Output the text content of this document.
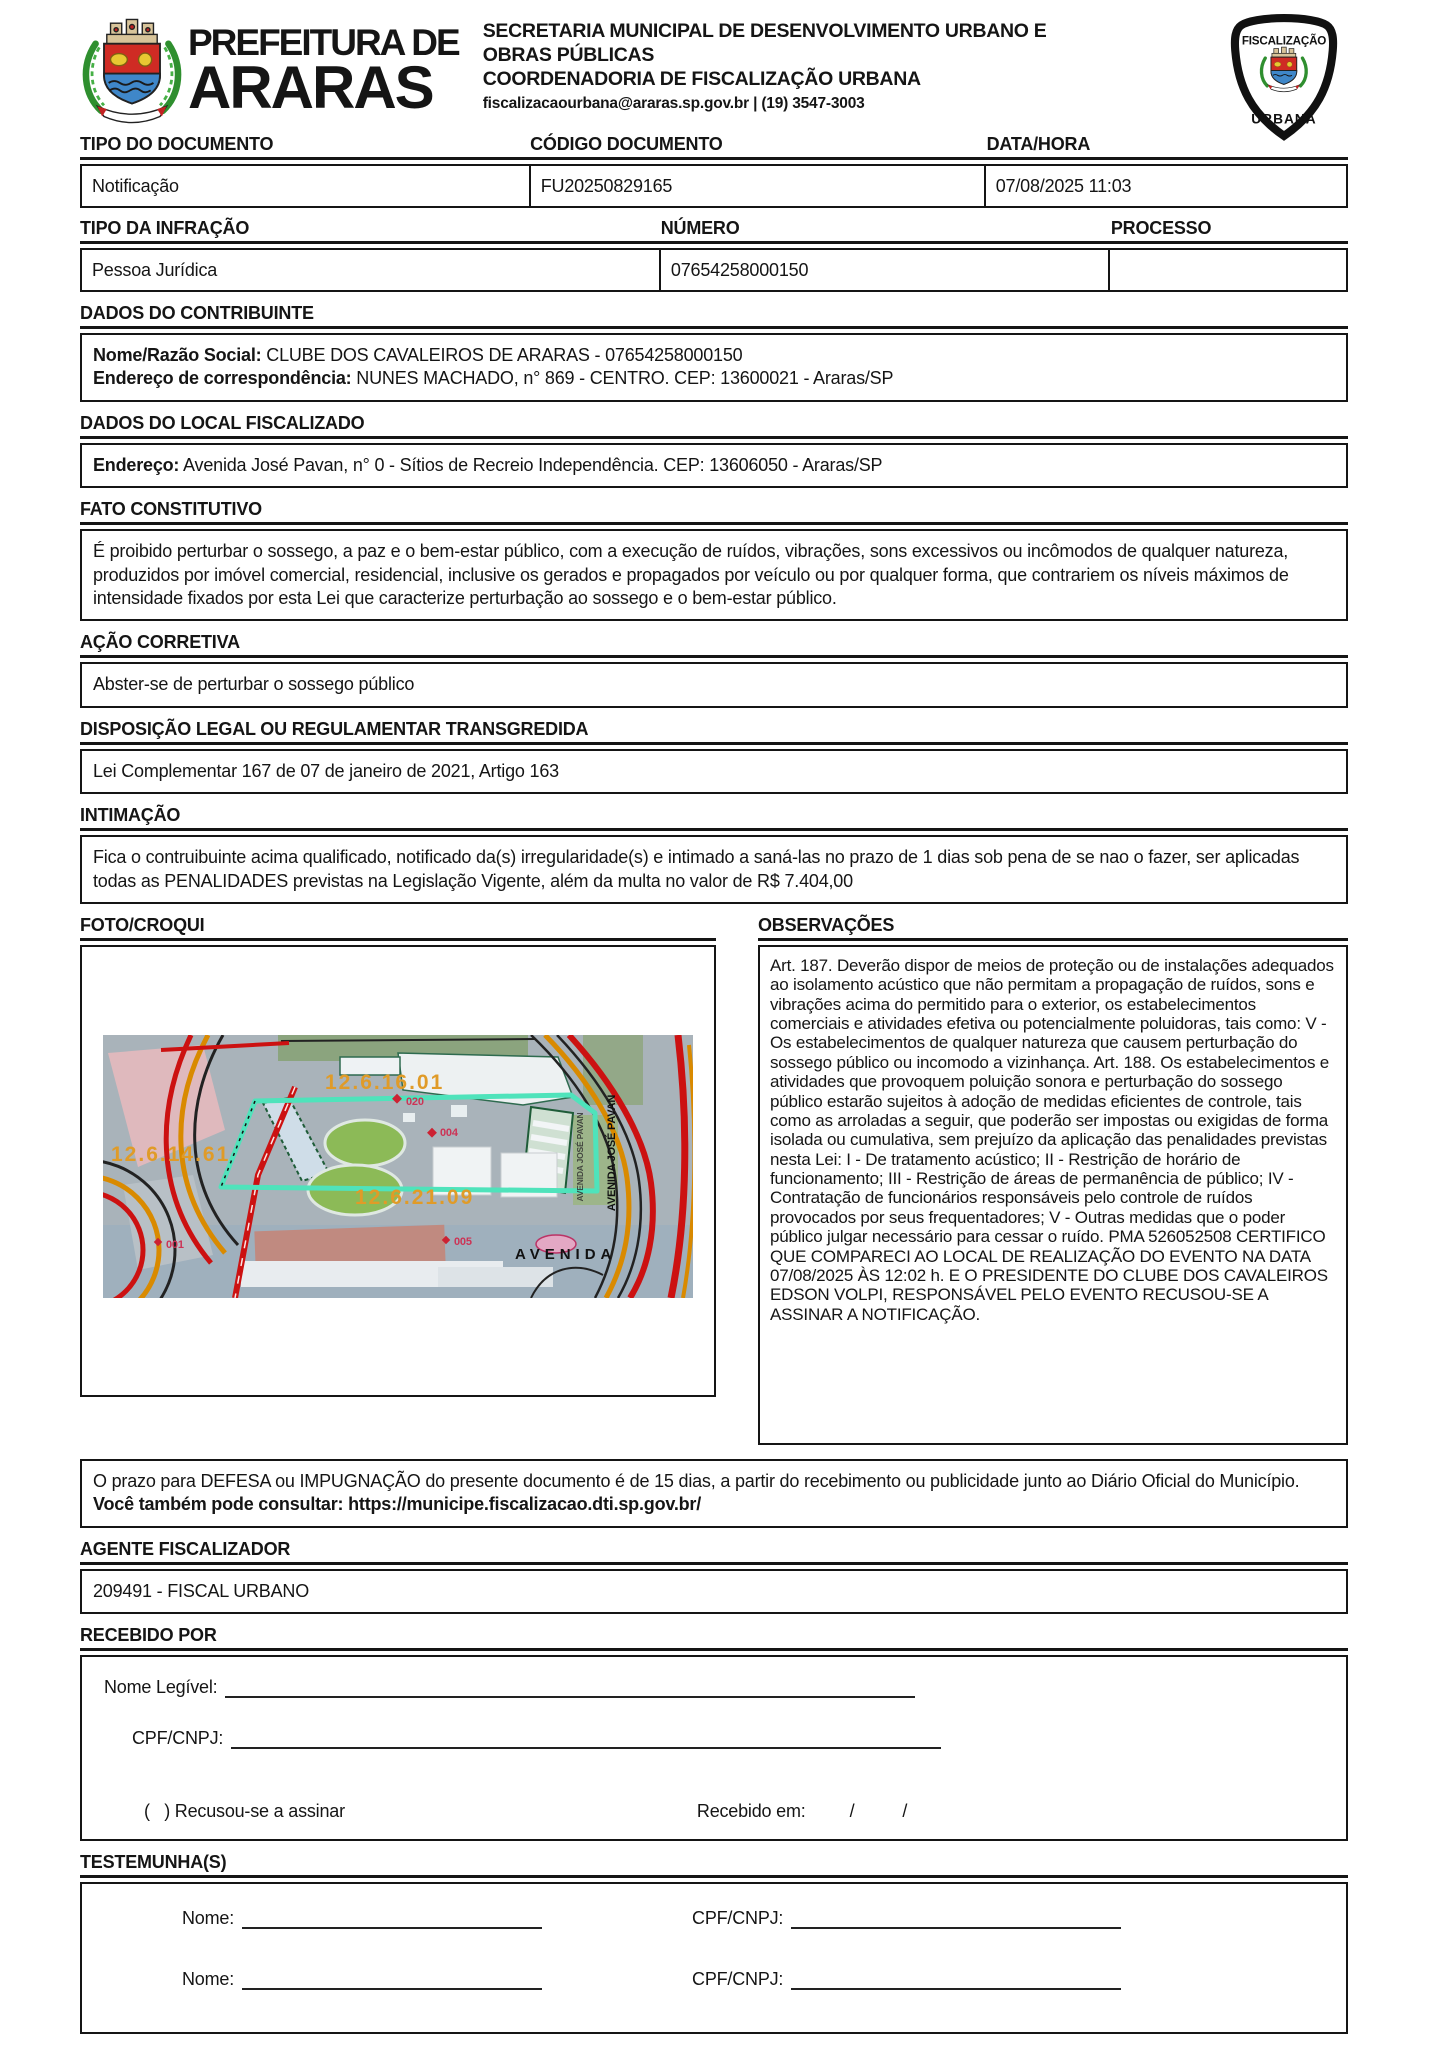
PREFEITURA DE
ARARAS
SECRETARIA MUNICIPAL DE DESENVOLVIMENTO URBANO E
OBRAS PÚBLICAS
COORDENADORIA DE FISCALIZAÇÃO URBANA
fiscalizacaourbana@araras.sp.gov.br | (19) 3547-3003
FISCALIZAÇÃO
URBANA
TIPO DO DOCUMENTO	CÓDIGO DOCUMENTO	DATA/HORA
Notificação	FU20250829165	07/08/2025 11:03
TIPO DA INFRAÇÃO	NÚMERO	PROCESSO
Pessoa Jurídica	07654258000150
DADOS DO CONTRIBUINTE
Nome/Razão Social: CLUBE DOS CAVALEIROS DE ARARAS - 07654258000150
Endereço de correspondência: NUNES MACHADO, n° 869 - CENTRO. CEP: 13600021 - Araras/SP
DADOS DO LOCAL FISCALIZADO
Endereço: Avenida José Pavan, n° 0 - Sítios de Recreio Independência. CEP: 13606050 - Araras/SP
FATO CONSTITUTIVO
É proibido perturbar o sossego, a paz e o bem-estar público, com a execução de ruídos, vibrações, sons excessivos ou incômodos de qualquer natureza, produzidos por imóvel comercial, residencial, inclusive os gerados e propagados por veículo ou por qualquer forma, que contrariem os níveis máximos de intensidade fixados por esta Lei que caracterize perturbação ao sossego e o bem-estar público.
AÇÃO CORRETIVA
Abster-se de perturbar o sossego público
DISPOSIÇÃO LEGAL OU REGULAMENTAR TRANSGREDIDA
Lei Complementar 167 de 07 de janeiro de 2021, Artigo 163
INTIMAÇÃO
Fica o contruibuinte acima qualificado, notificado da(s) irregularidade(s) e intimado a saná-las no prazo de 1 dias sob pena de se nao o fazer, ser aplicadas todas as PENALIDADES previstas na Legislação Vigente, além da multa no valor de R$ 7.404,00
FOTO/CROQUI
12.6.16.01
020
12.6.14.61
12.6.21.09
004
001	005
AVENIDA JOSÉ PAVAN
AVENIDA JOSÉ PAVAN
AVENIDA
OBSERVAÇÕES
Art. 187. Deverão dispor de meios de proteção ou de instalações adequados ao isolamento acústico que não permitam a propagação de ruídos, sons e vibrações acima do permitido para o exterior, os estabelecimentos comerciais e atividades efetiva ou potencialmente poluidoras, tais como: V - Os estabelecimentos de qualquer natureza que causem perturbação do sossego público ou incomodo a vizinhança. Art. 188. Os estabelecimentos e atividades que provoquem poluição sonora e perturbação do sossego público estarão sujeitos à adoção de medidas eficientes de controle, tais como as arroladas a seguir, que poderão ser impostas ou exigidas de forma isolada ou cumulativa, sem prejuízo da aplicação das penalidades previstas nesta Lei: I - De tratamento acústico; II - Restrição de horário de funcionamento; III - Restrição de áreas de permanência de público; IV - Contratação de funcionários responsáveis pelo controle de ruídos provocados por seus frequentadores; V - Outras medidas que o poder público julgar necessário para cessar o ruído. PMA 526052508 CERTIFICO QUE COMPARECI AO LOCAL DE REALIZAÇÃO DO EVENTO NA DATA 07/08/2025 ÀS 12:02 h. E O PRESIDENTE DO CLUBE DOS CAVALEIROS EDSON VOLPI, RESPONSÁVEL PELO EVENTO RECUSOU-SE A ASSINAR A NOTIFICAÇÃO.
O prazo para DEFESA ou IMPUGNAÇÃO do presente documento é de 15 dias, a partir do recebimento ou publicidade junto ao Diário Oficial do Município. Você também pode consultar: https://municipe.fiscalizacao.dti.sp.gov.br/
AGENTE FISCALIZADOR
209491 - FISCAL URBANO
RECEBIDO POR
Nome Legível:
CPF/CNPJ:
(   ) Recusou-se a assinar	Recebido em: /          /
TESTEMUNHA(S)
Nome:	CPF/CNPJ:
Nome:	CPF/CNPJ:
